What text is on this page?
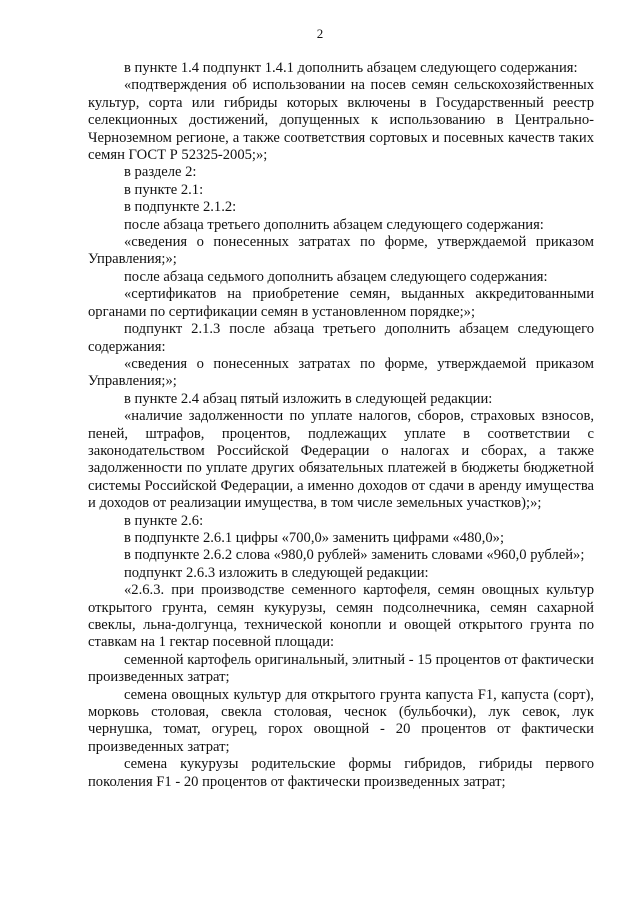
2

в пункте 1.4 подпункт 1.4.1 дополнить абзацем следующего содержания:

«подтверждения об использовании на посев семян сельскохозяйственных культур, сорта или гибриды которых включены в Государственный реестр селекционных достижений, допущенных к использованию в Центрально-Черноземном регионе, а также соответствия сортовых и посевных качеств таких семян ГОСТ Р 52325-2005;»;

в разделе 2:

в пункте 2.1:

в подпункте 2.1.2:

после абзаца третьего дополнить абзацем следующего содержания:

«сведения о понесенных затратах по форме, утверждаемой приказом Управления;»;

после абзаца седьмого дополнить абзацем следующего содержания:

«сертификатов на приобретение семян, выданных аккредитованными органами по сертификации семян в установленном порядке;»;

подпункт 2.1.3 после абзаца третьего дополнить абзацем следующего содержания:

«сведения о понесенных затратах по форме, утверждаемой приказом Управления;»;

в пункте 2.4 абзац пятый изложить в следующей редакции:

«наличие задолженности по уплате налогов, сборов, страховых взносов, пеней, штрафов, процентов, подлежащих уплате в соответствии с законодательством Российской Федерации о налогах и сборах, а также задолженности по уплате других обязательных платежей в бюджеты бюджетной системы Российской Федерации, а именно доходов от сдачи в аренду имущества и доходов от реализации имущества, в том числе земельных участков);»;

в пункте 2.6:

в подпункте 2.6.1 цифры «700,0» заменить цифрами «480,0»;

в подпункте 2.6.2 слова «980,0 рублей» заменить словами «960,0 рублей»;

подпункт 2.6.3 изложить в следующей редакции:

«2.6.3. при производстве семенного картофеля, семян овощных культур открытого грунта, семян кукурузы, семян подсолнечника, семян сахарной свеклы, льна-долгунца, технической конопли и овощей открытого грунта по ставкам на 1 гектар посевной площади:

семенной картофель оригинальный, элитный - 15 процентов от фактически произведенных затрат;

семена овощных культур для открытого грунта капуста F1, капуста (сорт), морковь столовая, свекла столовая, чеснок (бульбочки), лук севок, лук чернушка, томат, огурец, горох овощной - 20 процентов от фактически произведенных затрат;

семена кукурузы родительские формы гибридов, гибриды первого поколения F1 - 20 процентов от фактически произведенных затрат;
